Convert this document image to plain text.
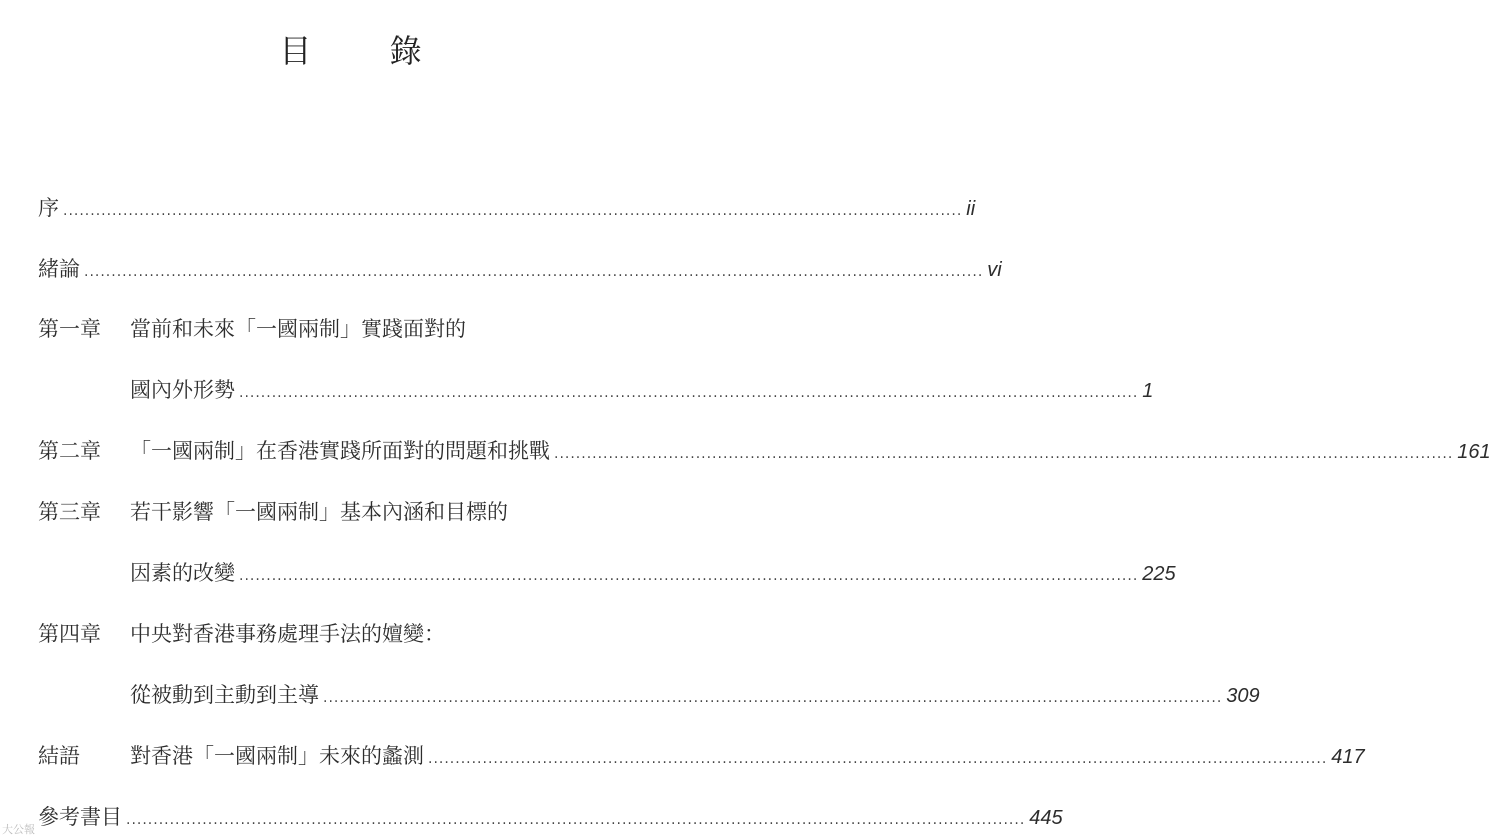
目 錄
序 ..................................................................................................................................................................... ii
緒論 ..................................................................................................................................................................... vi
第一章	當前和未來「一國兩制」實踐面對的
國內外形勢 ..................................................................................................................................................................... 1
第二章	「一國兩制」在香港實踐所面對的問題和挑戰 ..................................................................................................................................................................... 161
第三章	若干影響「一國兩制」基本內涵和目標的
因素的改變 ..................................................................................................................................................................... 225
第四章	中央對香港事務處理手法的嬗變：
從被動到主動到主導 ..................................................................................................................................................................... 309
結語	對香港「一國兩制」未來的蠡測 ..................................................................................................................................................................... 417
參考書目 ..................................................................................................................................................................... 445
大公報
